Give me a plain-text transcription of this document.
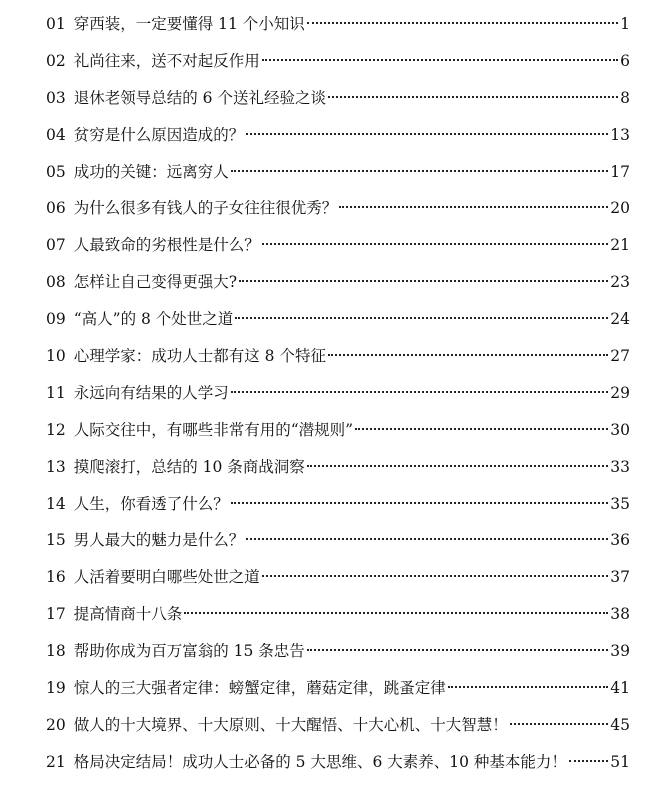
01 穿西装，一定要懂得 11 个小知识	1
02 礼尚往来，送不对起反作用	6
03 退休老领导总结的 6 个送礼经验之谈	8
04 贫穷是什么原因造成的？	13
05 成功的关键：远离穷人	17
06 为什么很多有钱人的子女往往很优秀？	20
07 人最致命的劣根性是什么？	21
08 怎样让自己变得更强大?	23
09 “高人”的 8 个处世之道	24
10 心理学家：成功人士都有这 8 个特征	27
11 永远向有结果的人学习	29
12 人际交往中，有哪些非常有用的“潜规则”	30
13 摸爬滚打，总结的 10 条商战洞察	33
14 人生，你看透了什么？	35
15 男人最大的魅力是什么？	36
16 人活着要明白哪些处世之道	37
17 提高情商十八条	38
18 帮助你成为百万富翁的 15 条忠告	39
19 惊人的三大强者定律：螃蟹定律，蘑菇定律，跳蚤定律	41
20 做人的十大境界、十大原则、十大醒悟、十大心机、十大智慧！	45
21 格局决定结局！成功人士必备的 5 大思维、6 大素养、10 种基本能力！	51
